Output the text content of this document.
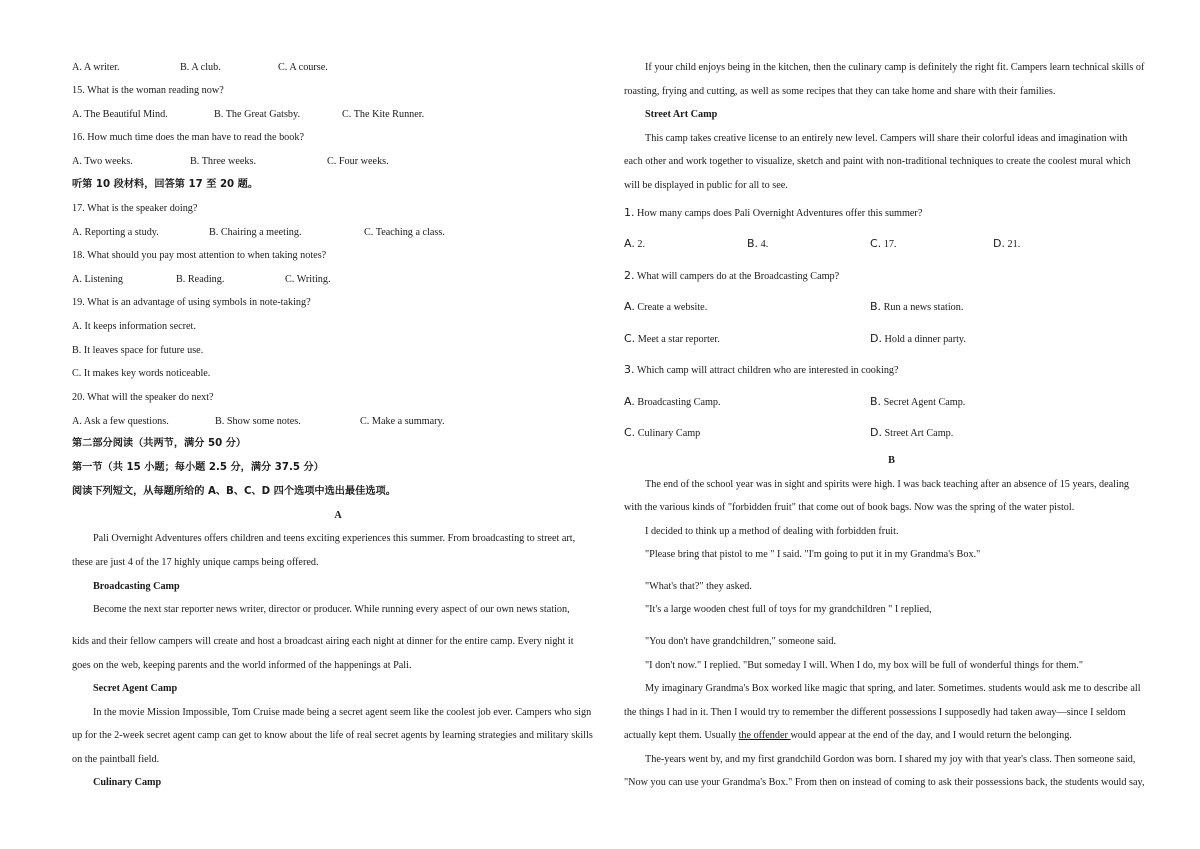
A. A writer.	B. A club.	C. A course.
15. What is the woman reading now?
A. The Beautiful Mind.	B. The Great Gatsby.	C. The Kite Runner.
16. How much time does the man have to read the book?
A. Two weeks.	B. Three weeks.	C. Four weeks.
听第 10 段材料，回答第 17 至 20 题。
17. What is the speaker doing?
A. Reporting a study.	B. Chairing a meeting.	C. Teaching a class.
18. What should you pay most attention to when taking notes?
A. Listening	B. Reading.	C. Writing.
19. What is an advantage of using symbols in note-taking?
A. It keeps information secret.
B. It leaves space for future use.
C. It makes key words noticeable.
20. What will the speaker do next?
A. Ask a few questions.	B. Show some notes.	C. Make a summary.
第二部分阅读（共两节，满分 50 分）
第一节（共 15 小题；每小题 2.5 分，满分 37.5 分）
阅读下列短文，从每题所给的 A、B、C、D 四个选项中选出最佳选项。
A
Pali Overnight Adventures offers children and teens exciting experiences this summer. From broadcasting to street art,
these are just 4 of the 17 highly unique camps being offered.
Broadcasting Camp
Become the next star reporter news writer, director or producer. While running every aspect of our own news station,
kids and their fellow campers will create and host a broadcast airing each night at dinner for the entire camp. Every night it
goes on the web, keeping parents and the world informed of the happenings at Pali.
Secret Agent Camp
In the movie Mission Impossible, Tom Cruise made being a secret agent seem like the coolest job ever. Campers who sign
up for the 2-week secret agent camp can get to know about the life of real secret agents by learning strategies and military skills
on the paintball field.
Culinary Camp
If your child enjoys being in the kitchen, then the culinary camp is definitely the right fit. Campers learn technical skills of
roasting, frying and cutting, as well as some recipes that they can take home and share with their families.
Street Art Camp
This camp takes creative license to an entirely new level. Campers will share their colorful ideas and imagination with
each other and work together to visualize, sketch and paint with non-traditional techniques to create the coolest mural which
will be displayed in public for all to see.
1. How many camps does Pali Overnight Adventures offer this summer?
A. 2.	B. 4.	C. 17.	D. 21.
2. What will campers do at the Broadcasting Camp?
A. Create a website.	B. Run a news station.
C. Meet a star reporter.	D. Hold a dinner party.
3. Which camp will attract children who are interested in cooking?
A. Broadcasting Camp.	B. Secret Agent Camp.
C. Culinary Camp	D. Street Art Camp.
B
The end of the school year was in sight and spirits were high. I was back teaching after an absence of 15 years, dealing
with the various kinds of "forbidden fruit" that come out of book bags. Now was the spring of the water pistol.
I decided to think up a method of dealing with forbidden fruit.
"Please bring that pistol to me " I said. "I'm going to put it in my Grandma's Box."
"What's that?" they asked.
"It's a large wooden chest full of toys for my grandchildren " I replied,
"You don't have grandchildren," someone said.
"I don't now." I replied. "But someday I will. When I do, my box will be full of wonderful things for them."
My imaginary Grandma's Box worked like magic that spring, and later. Sometimes. students would ask me to describe all
the things I had in it. Then I would try to remember the different possessions I supposedly had taken away—since I seldom
actually kept them. Usually the offender would appear at the end of the day, and I would return the belonging.
The-years went by, and my first grandchild Gordon was born. I shared my joy with that year's class. Then someone said,
"Now you can use your Grandma's Box." From then on instead of coming to ask their possessions back, the students would say,
